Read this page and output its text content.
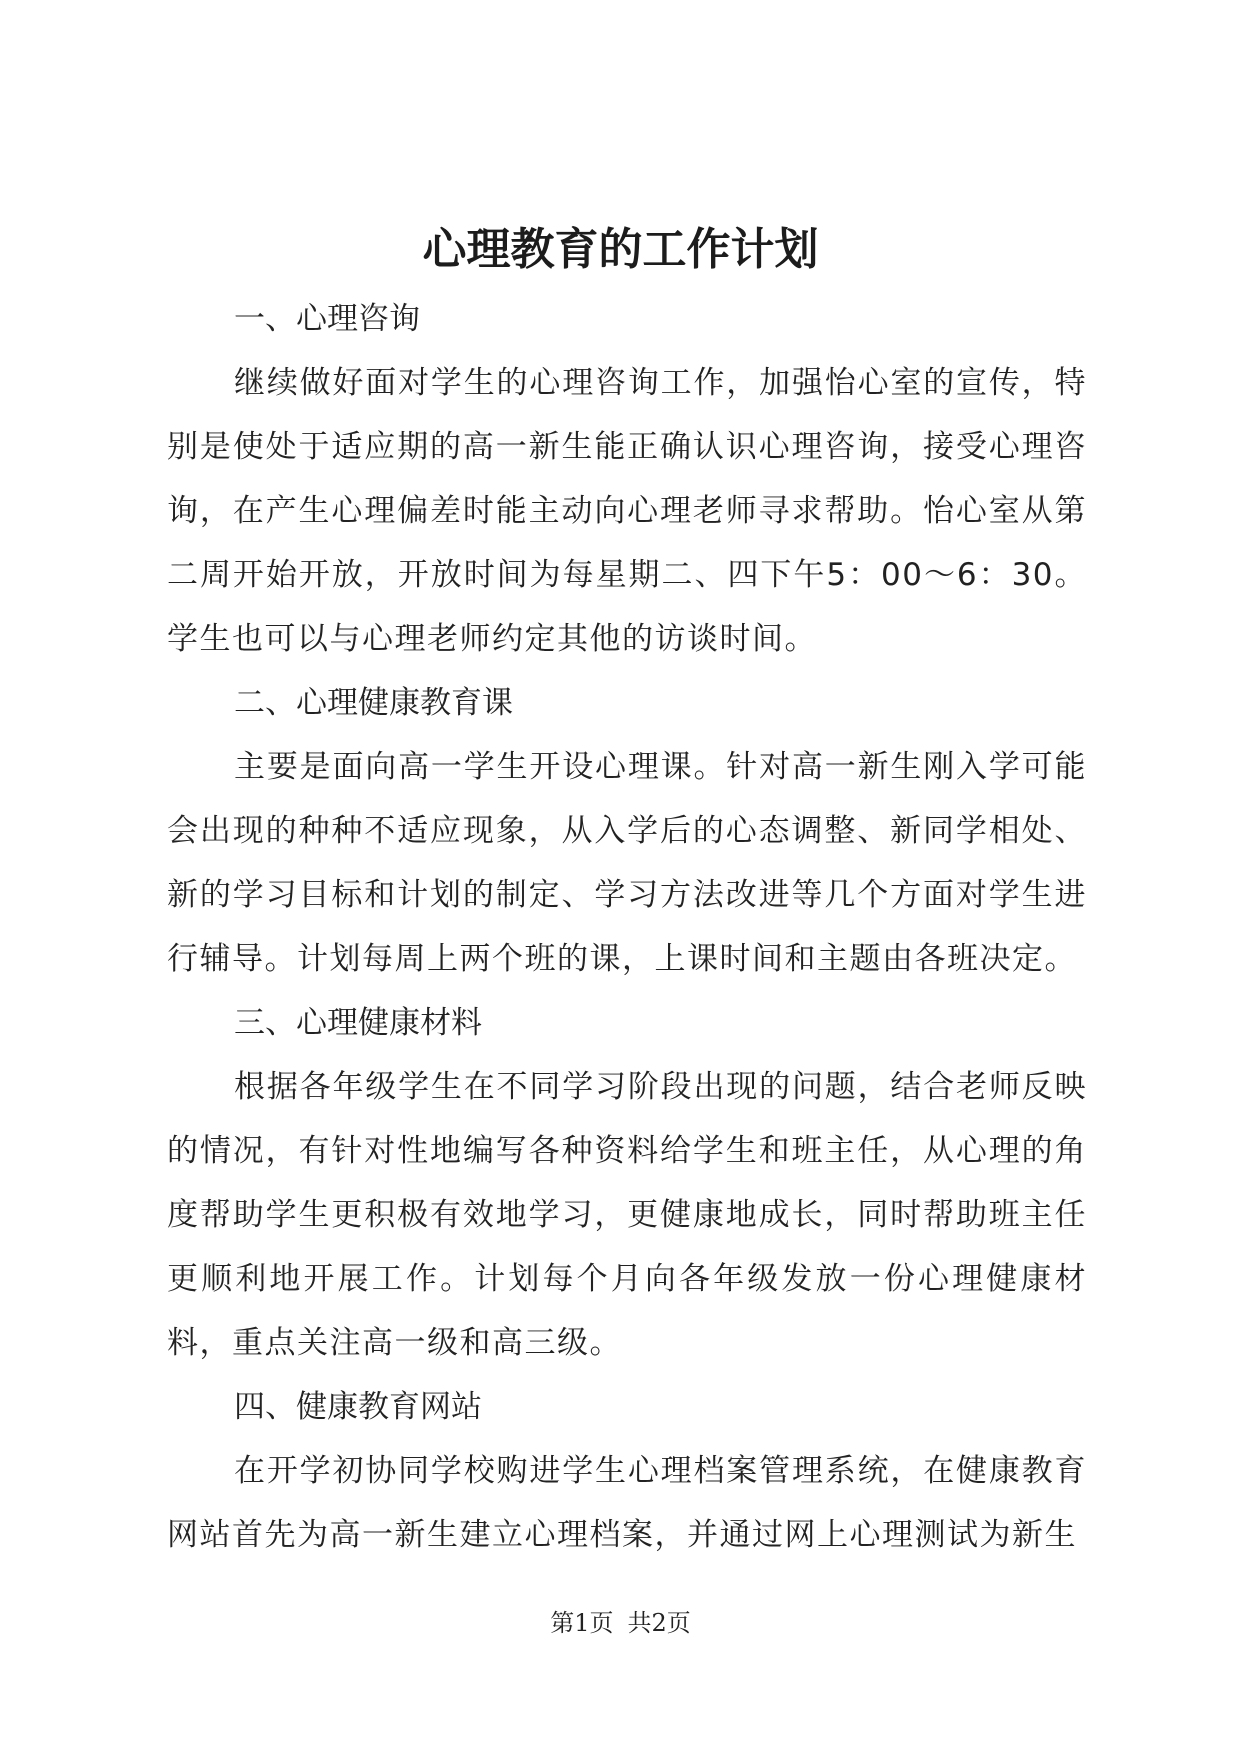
心理教育的工作计划

一、心理咨询

继续做好面对学生的心理咨询工作，加强怡心室的宣传，特别是使处于适应期的高一新生能正确认识心理咨询，接受心理咨询，在产生心理偏差时能主动向心理老师寻求帮助。怡心室从第二周开始开放，开放时间为每星期二、四下午5：00～6：30。学生也可以与心理老师约定其他的访谈时间。

二、心理健康教育课

主要是面向高一学生开设心理课。针对高一新生刚入学可能会出现的种种不适应现象，从入学后的心态调整、新同学相处、新的学习目标和计划的制定、学习方法改进等几个方面对学生进行辅导。计划每周上两个班的课，上课时间和主题由各班决定。

三、心理健康材料

根据各年级学生在不同学习阶段出现的问题，结合老师反映的情况，有针对性地编写各种资料给学生和班主任，从心理的角度帮助学生更积极有效地学习，更健康地成长，同时帮助班主任更顺利地开展工作。计划每个月向各年级发放一份心理健康材料，重点关注高一级和高三级。

四、健康教育网站

在开学初协同学校购进学生心理档案管理系统，在健康教育网站首先为高一新生建立心理档案，并通过网上心理测试为新生

第1页 共2页
